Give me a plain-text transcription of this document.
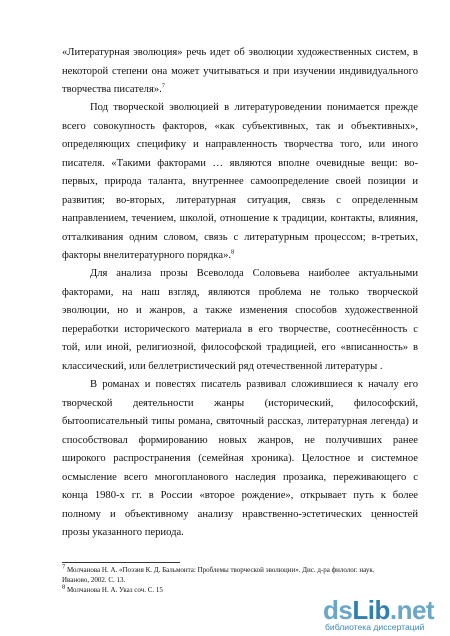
«Литературная эволюция» речь идет об эволюции художественных систем, в
некоторой степени она может учитываться и при изучении индивидуального
творчества писателя».$^7$

Под творческой эволюцией в литературоведении понимается прежде
всего совокупность факторов, «как субъективных, так и объективных»,
определяющих специфику и направленность творчества того, или иного
писателя. «Такими факторами … являются вполне очевидные вещи: во-
первых, природа таланта, внутреннее самоопределение своей позиции и
развития; во-вторых, литературная ситуация, связь с определенным
направлением, течением, школой, отношение к традиции, контакты, влияния,
отталкивания одним словом, связь с литературным процессом; в-третьих,
факторы внелитературного порядка».$^8$

Для анализа прозы Всеволода Соловьева наиболее актуальными
факторами, на наш взгляд, являются проблема не только творческой
эволюции, но и жанров, а также изменения способов художественной
переработки исторического материала в его творчестве, соотнесённость с
той, или иной, религиозной, философской традицией, его «вписанность» в
классический, или беллетристический ряд отечественной литературы .

В романах и повестях писатель развивал сложившиеся к началу его
творческой деятельности жанры (исторический, философский,
бытоописательный типы романа, святочный рассказ, литературная легенда) и
способствовал формированию новых жанров, не получивших ранее
широкого распространения (семейная хроника). Целостное и системное
осмысление всего многопланового наследия прозаика, переживающего с
конца 1980-х гг. в России «второе рождение», открывает путь к более
полному и объективному анализу нравственно-эстетических ценностей
прозы указанного периода.

$^7$ Молчанова Н. А. «Поэзия К. Д. Бальмонта: Проблемы творческой эволюции». Дис. д-ра филолог. наук.
Иваново, 2002. С. 13.
$^8$ Молчанова Н. А. Указ соч. С. 15
dsLib.net
библиотека диссертаций
